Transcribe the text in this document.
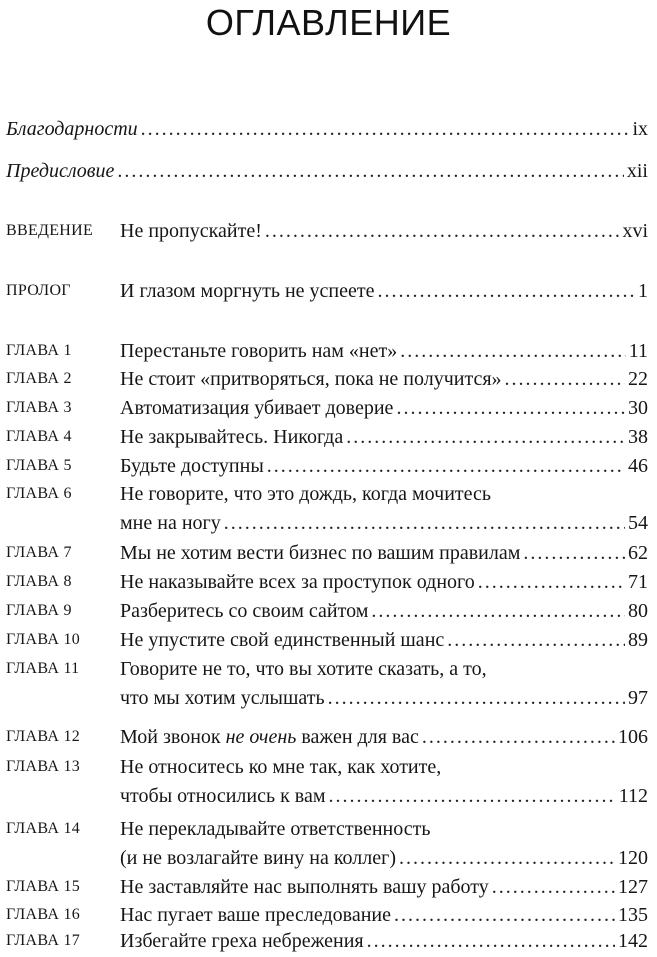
ОГЛАВЛЕНИЕ
Благодарности .....	ix
Предисловие .....	xii
ВВЕДЕНИЕ Не пропускайте! .....	xvi
ПРОЛОГ И глазом моргнуть не успеете .....	1
ГЛАВА 1 Перестаньте говорить нам «нет» .....	11
ГЛАВА 2 Не стоит «притворяться, пока не получится» .....	22
ГЛАВА 3 Автоматизация убивает доверие .....	30
ГЛАВА 4 Не закрывайтесь. Никогда .....	38
ГЛАВА 5 Будьте доступны .....	46
ГЛАВА 6 Не говорите, что это дождь, когда мочитесь
мне на ногу .....	54
ГЛАВА 7 Мы не хотим вести бизнес по вашим правилам .....	62
ГЛАВА 8 Не наказывайте всех за проступок одного .....	71
ГЛАВА 9 Разберитесь со своим сайтом .....	80
ГЛАВА 10 Не упустите свой единственный шанс .....	89
ГЛАВА 11 Говорите не то, что вы хотите сказать, а то,
что мы хотим услышать .....	97
ГЛАВА 12 Мой звонок не очень важен для вас .....	106
ГЛАВА 13 Не относитесь ко мне так, как хотите,
чтобы относились к вам .....	112
ГЛАВА 14 Не перекладывайте ответственность
(и не возлагайте вину на коллег) .....	120
ГЛАВА 15 Не заставляйте нас выполнять вашу работу .....	127
ГЛАВА 16 Нас пугает ваше преследование .....	135
ГЛАВА 17 Избегайте греха небрежения .....	142
